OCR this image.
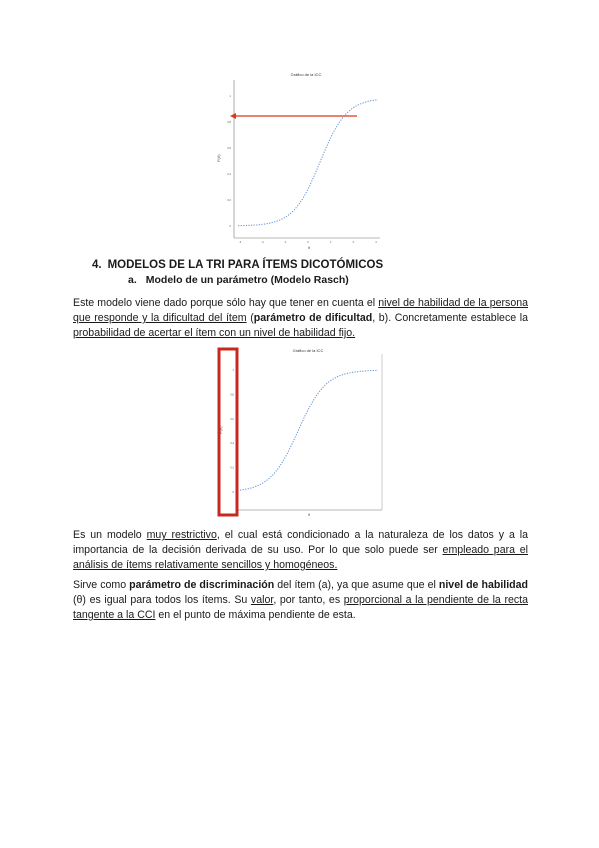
Gráfico de la ICC
P(θ)
θ
1
0,8
0,6
0,4
0,2
0
-3	-2	-1	0	1	2	3
4. MODELOS DE LA TRI PARA ÍTEMS DICOTÓMICOS
a. Modelo de un parámetro (Modelo Rasch)

Este modelo viene dado porque sólo hay que tener en cuenta el nivel de habilidad de la persona que responde y la dificultad del ítem (parámetro de dificultad, b). Concretamente establece la probabilidad de acertar el ítem con un nivel de habilidad fijo.

Gráfico de la ICC
P(θ)
θ
1
0,8
0,6
0,4
0,2
0

Es un modelo muy restrictivo, el cual está condicionado a la naturaleza de los datos y a la importancia de la decisión derivada de su uso. Por lo que solo puede ser empleado para el análisis de ítems relativamente sencillos y homogéneos.

Sirve como parámetro de discriminación del ítem (a), ya que asume que el nivel de habilidad (θ) es igual para todos los ítems. Su valor, por tanto, es proporcional a la pendiente de la recta tangente a la CCI en el punto de máxima pendiente de esta.
